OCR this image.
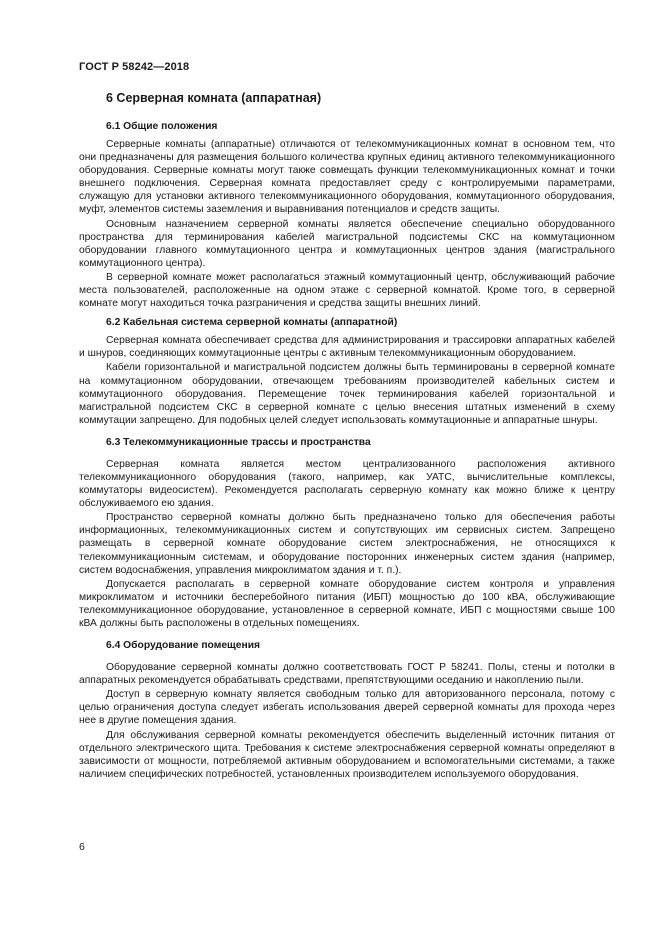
ГОСТ Р 58242—2018
6 Серверная комната (аппаратная)
6.1 Общие положения

Серверные комнаты (аппаратные) отличаются от телекоммуникационных комнат в основном тем, что они предназначены для размещения большого количества крупных единиц активного телекоммуникационного оборудования. Серверные комнаты могут также совмещать функции телекоммуникационных комнат и точки внешнего подключения. Серверная комната предоставляет среду с контролируемыми параметрами, служащую для установки активного телекоммуникационного оборудования, коммутационного оборудования, муфт, элементов системы заземления и выравнивания потенциалов и средств защиты.

Основным назначением серверной комнаты является обеспечение специально оборудованного пространства для терминирования кабелей магистральной подсистемы СКС на коммутационном оборудовании главного коммутационного центра и коммутационных центров здания (магистрального коммутационного центра).

В серверной комнате может располагаться этажный коммутационный центр, обслуживающий рабочие места пользователей, расположенные на одном этаже с серверной комнатой. Кроме того, в серверной комнате могут находиться точка разграничения и средства защиты внешних линий.

6.2 Кабельная система серверной комнаты (аппаратной)

Серверная комната обеспечивает средства для администрирования и трассировки аппаратных кабелей и шнуров, соединяющих коммутационные центры с активным телекоммуникационным оборудованием.

Кабели горизонтальной и магистральной подсистем должны быть терминированы в серверной комнате на коммутационном оборудовании, отвечающем требованиям производителей кабельных систем и коммутационного оборудования. Перемещение точек терминирования кабелей горизонтальной и магистральной подсистем СКС в серверной комнате с целью внесения штатных изменений в схему коммутации запрещено. Для подобных целей следует использовать коммутационные и аппаратные шнуры.

6.3 Телекоммуникационные трассы и пространства

Серверная комната является местом централизованного расположения активного телекоммуникационного оборудования (такого, например, как УАТС, вычислительные комплексы, коммутаторы видеосистем). Рекомендуется располагать серверную комнату как можно ближе к центру обслуживаемого ею здания.

Пространство серверной комнаты должно быть предназначено только для обеспечения работы информационных, телекоммуникационных систем и сопутствующих им сервисных систем. Запрещено размещать в серверной комнате оборудование систем электроснабжения, не относящихся к телекоммуникационным системам, и оборудование посторонних инженерных систем здания (например, систем водоснабжения, управления микроклиматом здания и т. п.).

Допускается располагать в серверной комнате оборудование систем контроля и управления микроклиматом и источники бесперебойного питания (ИБП) мощностью до 100 кВА, обслуживающие телекоммуникационное оборудование, установленное в серверной комнате, ИБП с мощностями свыше 100 кВА должны быть расположены в отдельных помещениях.

6.4 Оборудование помещения

Оборудование серверной комнаты должно соответствовать ГОСТ Р 58241. Полы, стены и потолки в аппаратных рекомендуется обрабатывать средствами, препятствующими оседанию и накоплению пыли.

Доступ в серверную комнату является свободным только для авторизованного персонала, потому с целью ограничения доступа следует избегать использования дверей серверной комнаты для прохода через нее в другие помещения здания.

Для обслуживания серверной комнаты рекомендуется обеспечить выделенный источник питания от отдельного электрического щита. Требования к системе электроснабжения серверной комнаты определяют в зависимости от мощности, потребляемой активным оборудованием и вспомогательными системами, а также наличием специфических потребностей, установленных производителем используемого оборудования.

6
